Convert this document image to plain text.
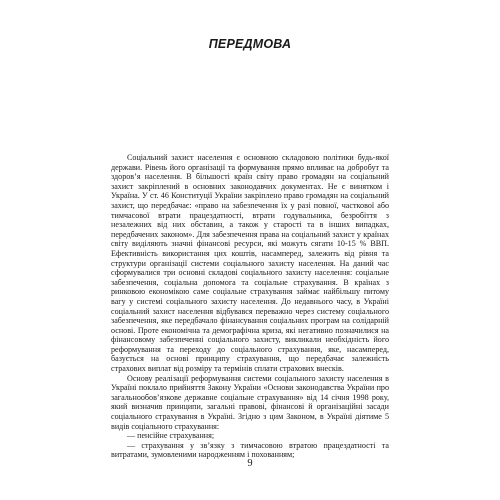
ПЕРЕДМОВА

Соціальний захист населення є основною складовою політики будь-якої держави. Рівень його організації та формування прямо впливає на добробут та здоров’я населення. В більшості країн світу право громадян на соціальний захист закріплений в основних законодавчих документах. Не є винятком і Україна. У ст. 46 Конституції України закріплено право громадян на соціальний захист, що передбачає: «право на забезпечення їх у разі повної, часткової або тимчасової втрати працездатності, втрати годувальника, безробіття з незалежних від них обставин, а також у старості та в інших випадках, передбачених законом». Для забезпечення права на соціальний захист у країнах світу виділяють значні фінансові ресурси, які можуть сягати 10-15 % ВВП. Ефективність використання цих коштів, насамперед, залежить від рівня та структури організації системи соціального захисту населення. На даний час сформувалися три основні складові соціального захисту населення: соціальне забезпечення, соціальна допомога та соціальне страхування. В країнах з ринковою економікою саме соціальне страхування займає найбільшу питому вагу у системі соціального захисту населення. До недавнього часу, в Україні соціальний захист населення відбувався переважно через систему соціального забезпечення, яке передбачало фінансування соціальних програм на солідарній основі. Проте економічна та демографічна криза, які негативно позначилися на фінансовому забезпеченні соціального захисту, викликали необхідність його реформування та переходу до соціального страхування, яке, насамперед, базується на основі принципу страхування, що передбачає залежність страхових виплат від розміру та термінів сплати страхових внесків.

Основу реалізації реформування системи соціального захисту населення в Україні поклало прийняття Закону України «Основи законодавства України про загальнообов’язкове державне соціальне страхування» від 14 січня 1998 року, який визначив принципи, загальні правові, фінансові й організаційні засади соціального страхування в Україні. Згідно з цим Законом, в Україні діятиме 5 видів соціального страхування:

— пенсійне страхування;
— страхування у зв’язку з тимчасовою втратою працездатності та витратами, зумовленими народженням і похованням;
9
